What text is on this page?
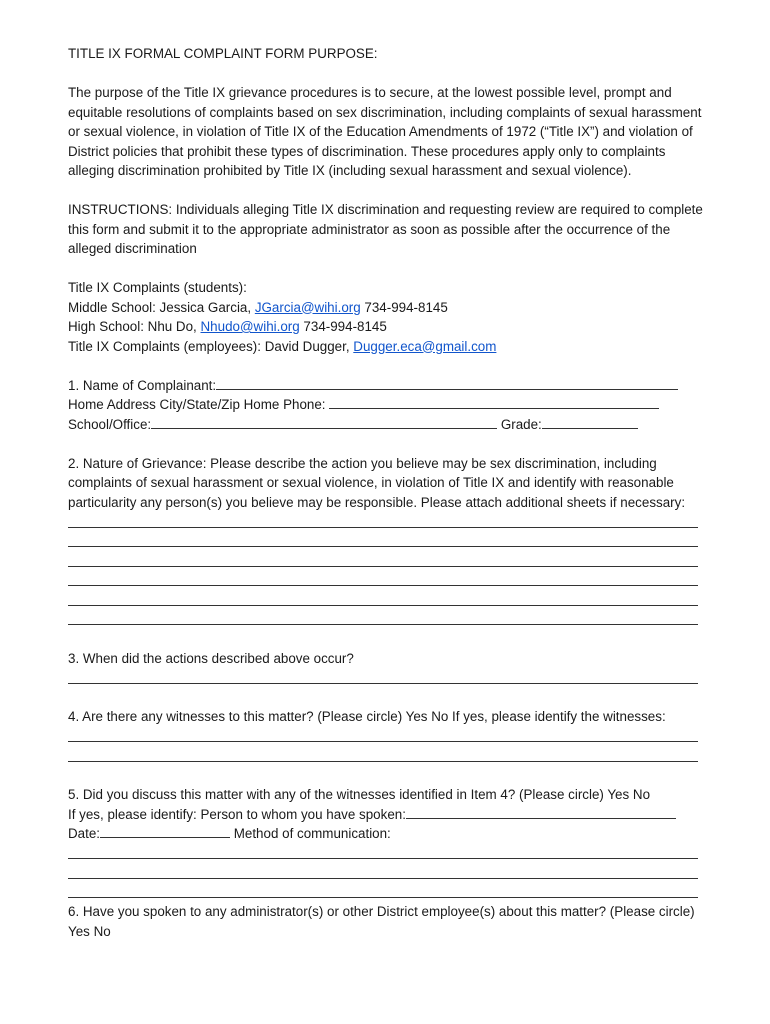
TITLE IX FORMAL COMPLAINT FORM PURPOSE:

The purpose of the Title IX grievance procedures is to secure, at the lowest possible level, prompt and equitable resolutions of complaints based on sex discrimination, including complaints of sexual harassment or sexual violence, in violation of Title IX of the Education Amendments of 1972 (“Title IX”) and violation of District policies that prohibit these types of discrimination. These procedures apply only to complaints alleging discrimination prohibited by Title IX (including sexual harassment and sexual violence).

INSTRUCTIONS: Individuals alleging Title IX discrimination and requesting review are required to complete this form and submit it to the appropriate administrator as soon as possible after the occurrence of the alleged discrimination

Title IX Complaints (students):

Middle School: Jessica Garcia, JGarcia@wihi.org 734-994-8145

High School: Nhu Do, Nhudo@wihi.org 734-994-8145

Title IX Complaints (employees): David Dugger, Dugger.eca@gmail.com

1. Name of Complainant:

Home Address City/State/Zip Home Phone:

School/Office:	Grade:

2. Nature of Grievance: Please describe the action you believe may be sex discrimination, including complaints of sexual harassment or sexual violence, in violation of Title IX and identify with reasonable particularity any person(s) you believe may be responsible. Please attach additional sheets if necessary:

3. When did the actions described above occur?

4. Are there any witnesses to this matter? (Please circle) Yes No If yes, please identify the witnesses:

5. Did you discuss this matter with any of the witnesses identified in Item 4? (Please circle) Yes No

If yes, please identify: Person to whom you have spoken:

Date:	Method of communication:

6. Have you spoken to any administrator(s) or other District employee(s) about this matter? (Please circle) Yes No
